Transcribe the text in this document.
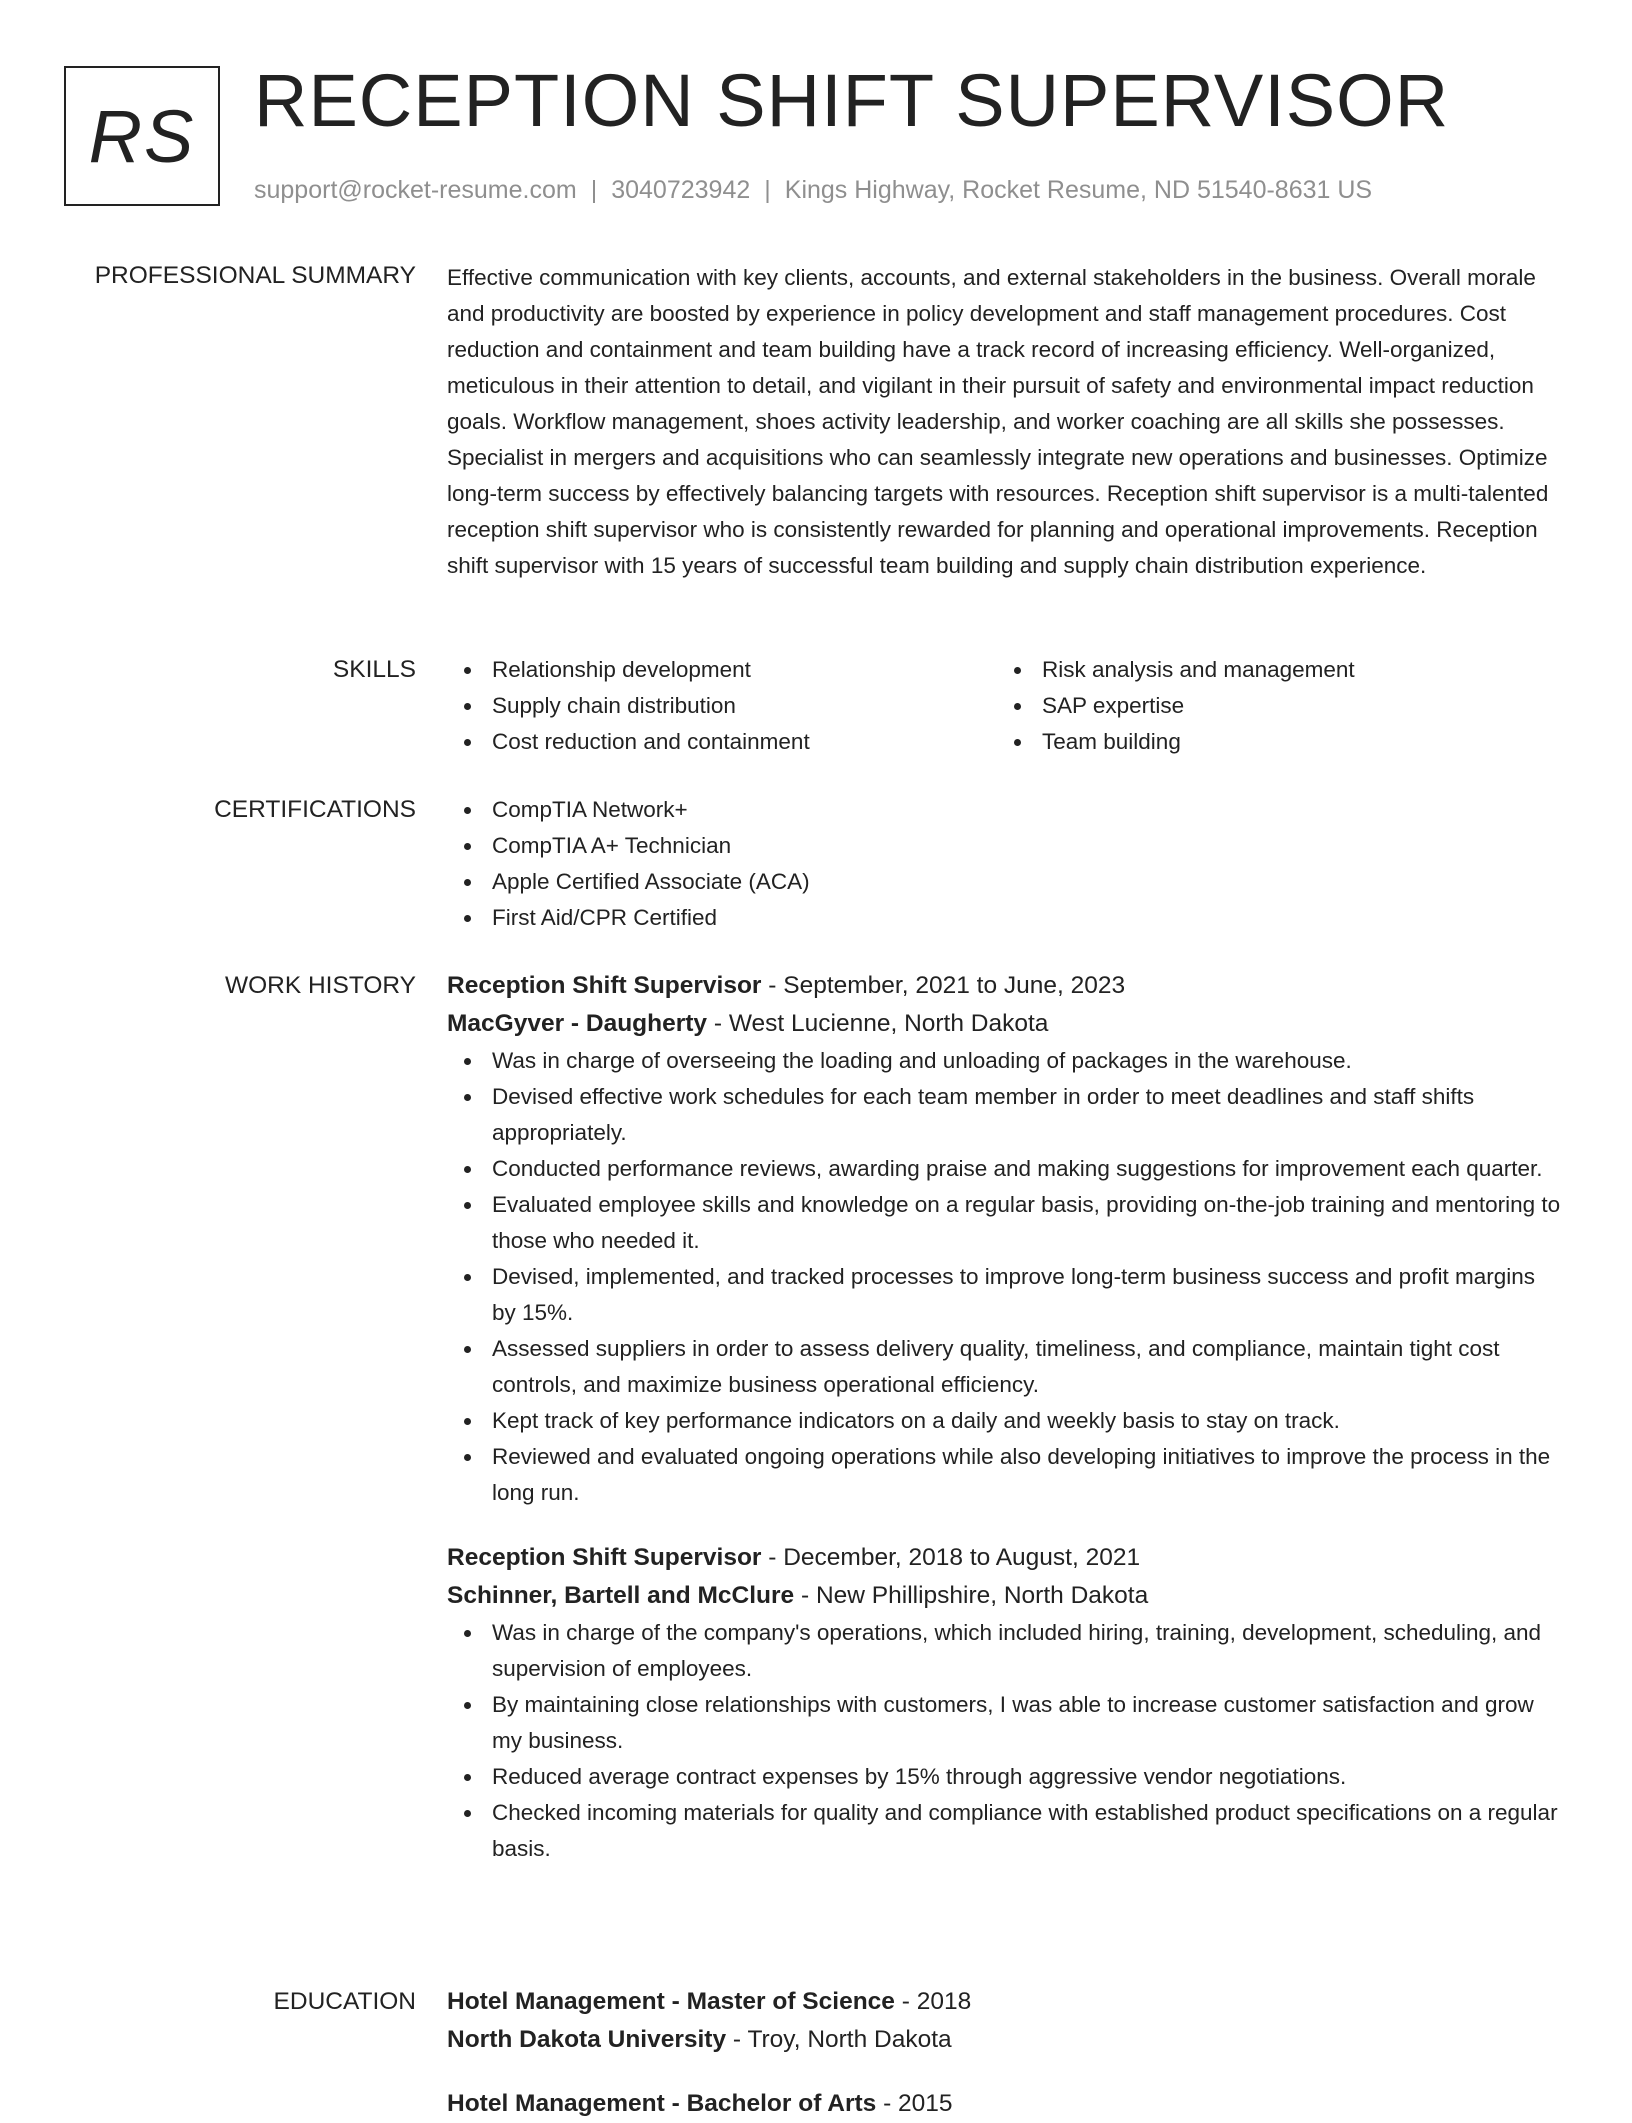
RS RECEPTION SHIFT SUPERVISOR
support@rocket-resume.com | 3040723942 | Kings Highway, Rocket Resume, ND 51540-8631 US
PROFESSIONAL SUMMARY Effective communication with key clients, accounts, and external stakeholders in the business. Overall morale and productivity are boosted by experience in policy development and staff management procedures. Cost reduction and containment and team building have a track record of increasing efficiency. Well-organized, meticulous in their attention to detail, and vigilant in their pursuit of safety and environmental impact reduction goals. Workflow management, shoes activity leadership, and worker coaching are all skills she possesses. Specialist in mergers and acquisitions who can seamlessly integrate new operations and businesses. Optimize long-term success by effectively balancing targets with resources. Reception shift supervisor is a multi-talented reception shift supervisor who is consistently rewarded for planning and operational improvements. Reception shift supervisor with 15 years of successful team building and supply chain distribution experience.

SKILLS	Relationship development	Risk analysis and management
Supply chain distribution	SAP expertise
Cost reduction and containment	Team building
CERTIFICATIONS	CompTIA Network+
CompTIA A+ Technician
Apple Certified Associate (ACA)
First Aid/CPR Certified
WORK HISTORY Reception Shift Supervisor - September, 2021 to June, 2023
MacGyver - Daugherty - West Lucienne, North Dakota
Was in charge of overseeing the loading and unloading of packages in the warehouse.
Devised effective work schedules for each team member in order to meet deadlines and staff shifts appropriately.
Conducted performance reviews, awarding praise and making suggestions for improvement each quarter.
Evaluated employee skills and knowledge on a regular basis, providing on-the-job training and mentoring to those who needed it.
Devised, implemented, and tracked processes to improve long-term business success and profit margins by 15%.
Assessed suppliers in order to assess delivery quality, timeliness, and compliance, maintain tight cost controls, and maximize business operational efficiency.
Kept track of key performance indicators on a daily and weekly basis to stay on track.
Reviewed and evaluated ongoing operations while also developing initiatives to improve the process in the long run.
Reception Shift Supervisor - December, 2018 to August, 2021
Schinner, Bartell and McClure - New Phillipshire, North Dakota
Was in charge of the company's operations, which included hiring, training, development, scheduling, and supervision of employees.
By maintaining close relationships with customers, I was able to increase customer satisfaction and grow my business.
Reduced average contract expenses by 15% through aggressive vendor negotiations.
Checked incoming materials for quality and compliance with established product specifications on a regular basis.
EDUCATION Hotel Management - Master of Science - 2018
North Dakota University - Troy, North Dakota
Hotel Management - Bachelor of Arts - 2015
